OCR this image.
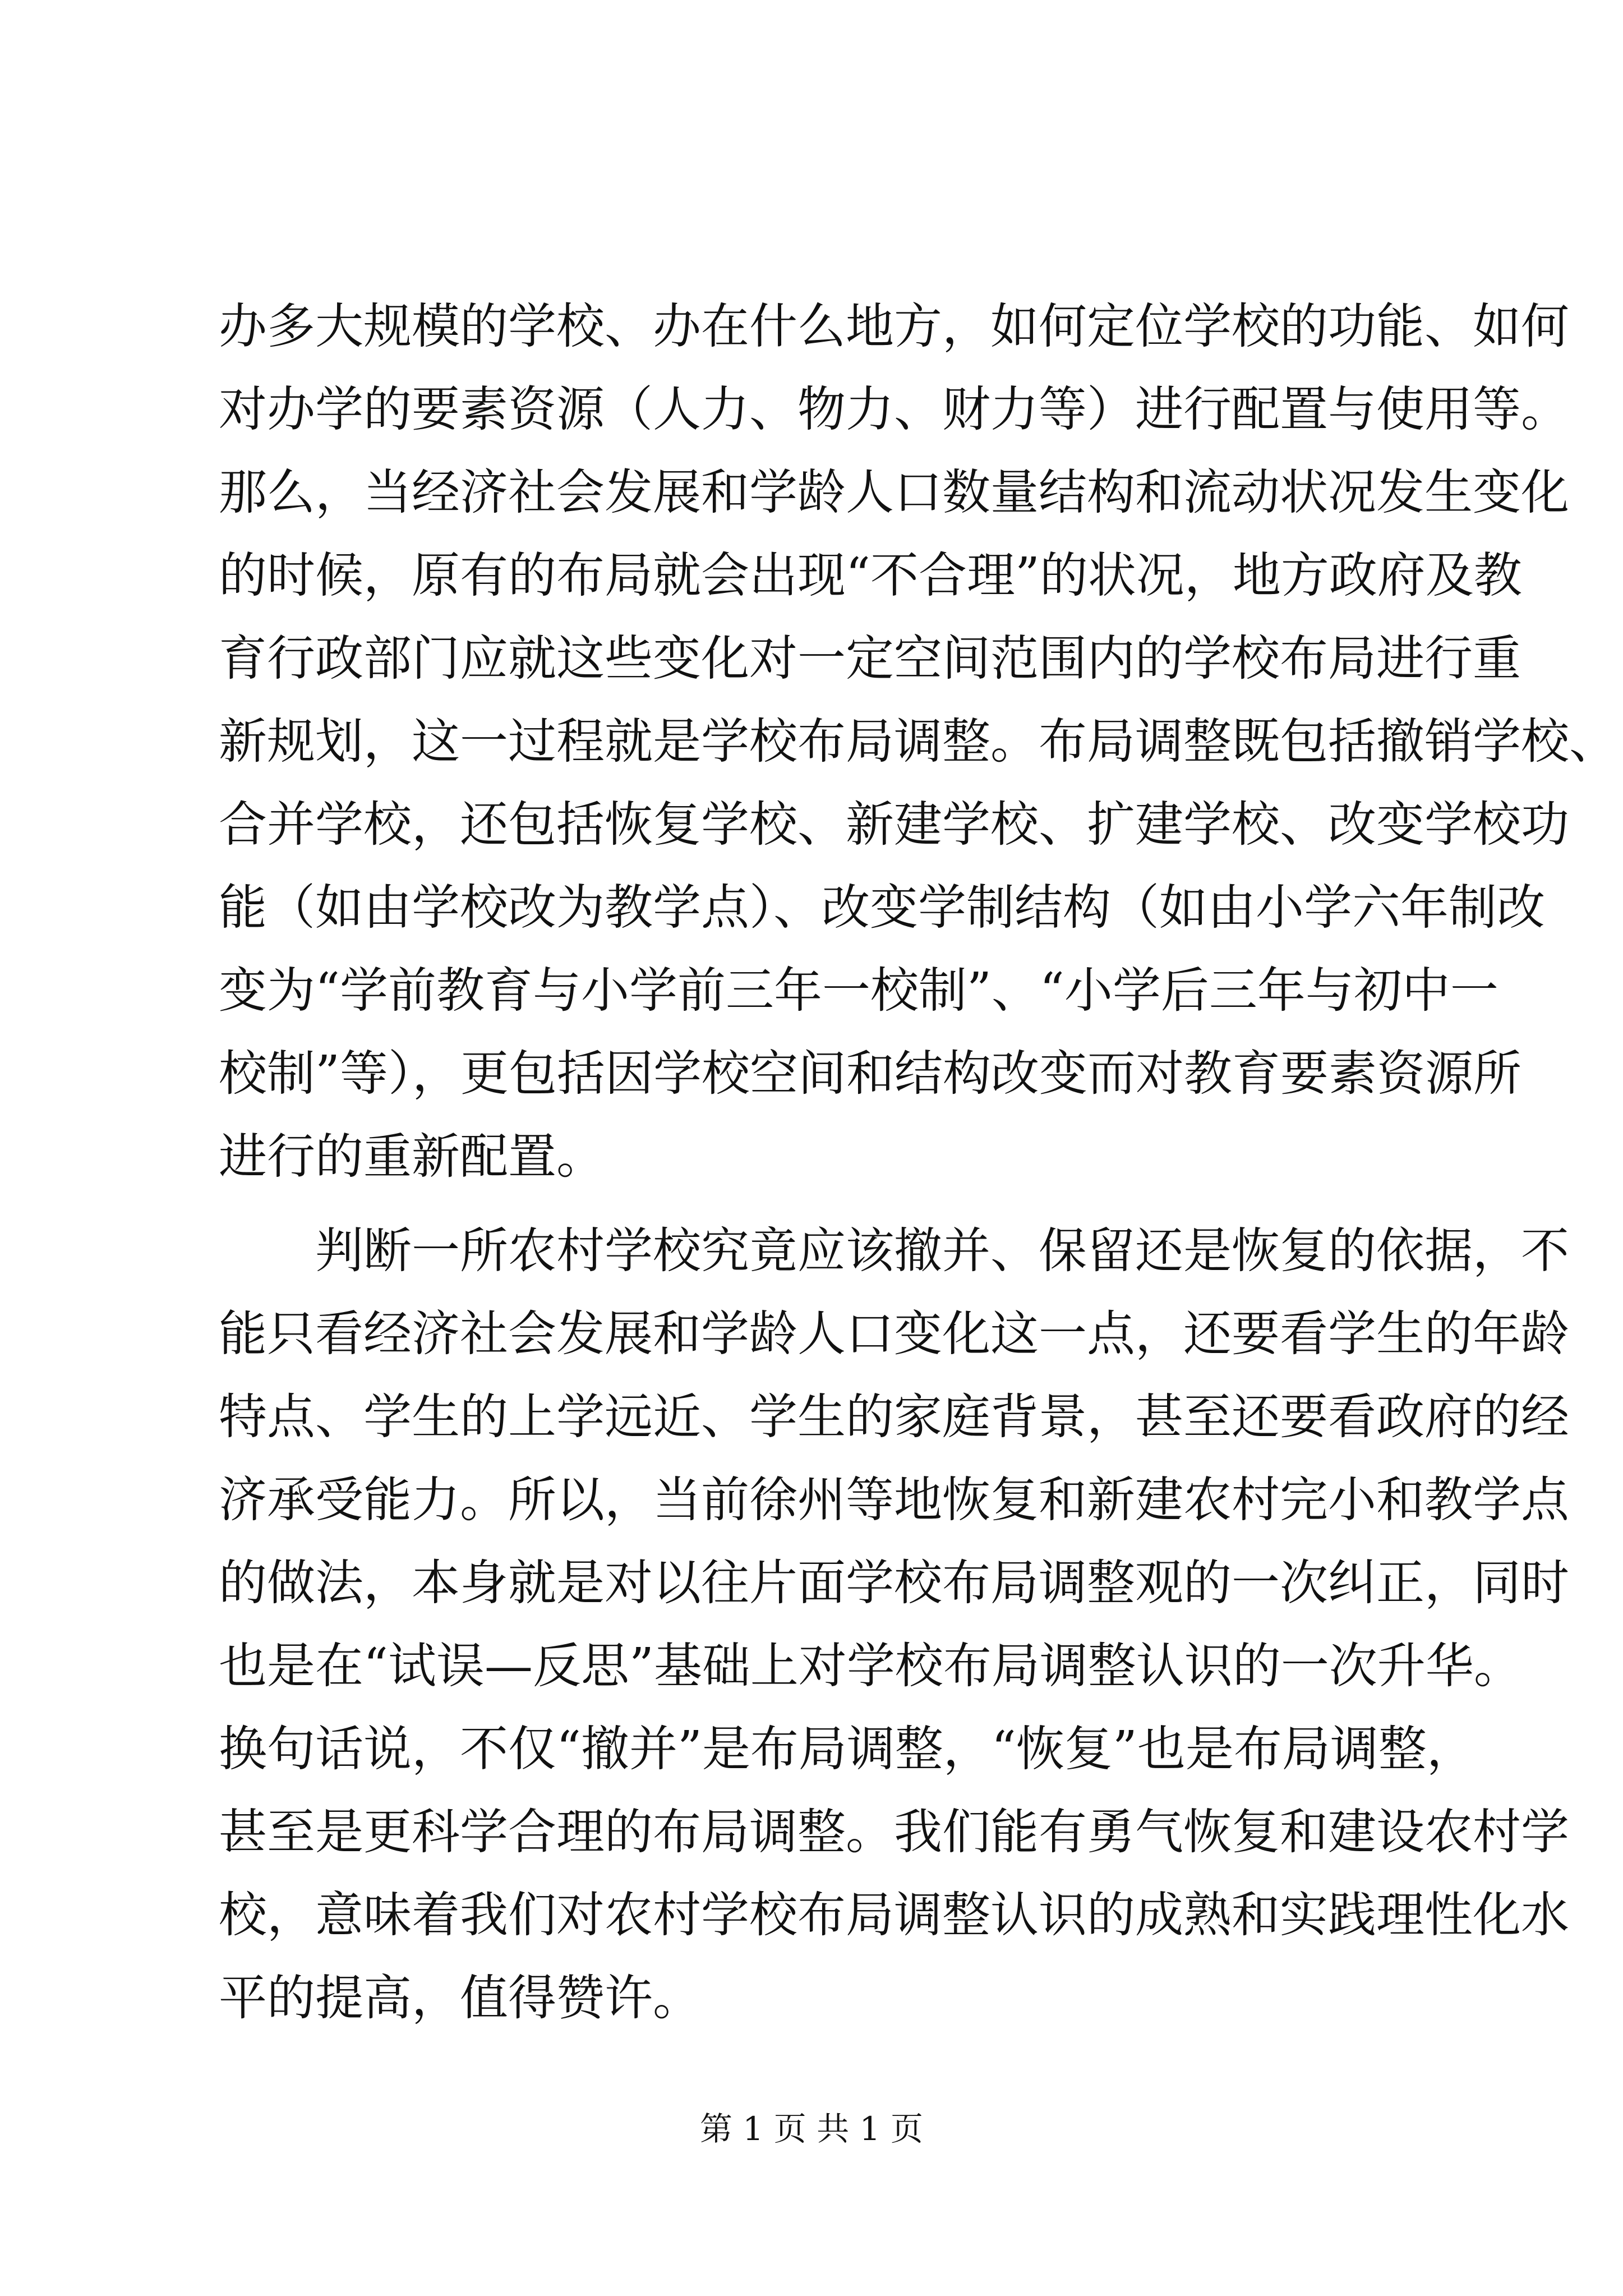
办多大规模的学校、办在什么地方，如何定位学校的功能、如何
对办学的要素资源（人力、物力、财力等）进行配置与使用等。
那么，当经济社会发展和学龄人口数量结构和流动状况发生变化
的时候，原有的布局就会出现“不合理”的状况，地方政府及教
育行政部门应就这些变化对一定空间范围内的学校布局进行重
新规划，这一过程就是学校布局调整。布局调整既包括撤销学校、
合并学校，还包括恢复学校、新建学校、扩建学校、改变学校功
能（如由学校改为教学点）、改变学制结构（如由小学六年制改
变为“学前教育与小学前三年一校制”、“小学后三年与初中一
校制”等），更包括因学校空间和结构改变而对教育要素资源所
进行的重新配置。
判断一所农村学校究竟应该撤并、保留还是恢复的依据，不
能只看经济社会发展和学龄人口变化这一点，还要看学生的年龄
特点、学生的上学远近、学生的家庭背景，甚至还要看政府的经
济承受能力。所以，当前徐州等地恢复和新建农村完小和教学点
的做法，本身就是对以往片面学校布局调整观的一次纠正，同时
也是在“试误—反思”基础上对学校布局调整认识的一次升华。
换句话说，不仅“撤并”是布局调整，“恢复”也是布局调整，
甚至是更科学合理的布局调整。我们能有勇气恢复和建设农村学
校，意味着我们对农村学校布局调整认识的成熟和实践理性化水
平的提高，值得赞许。
第 1 页 共 1 页
